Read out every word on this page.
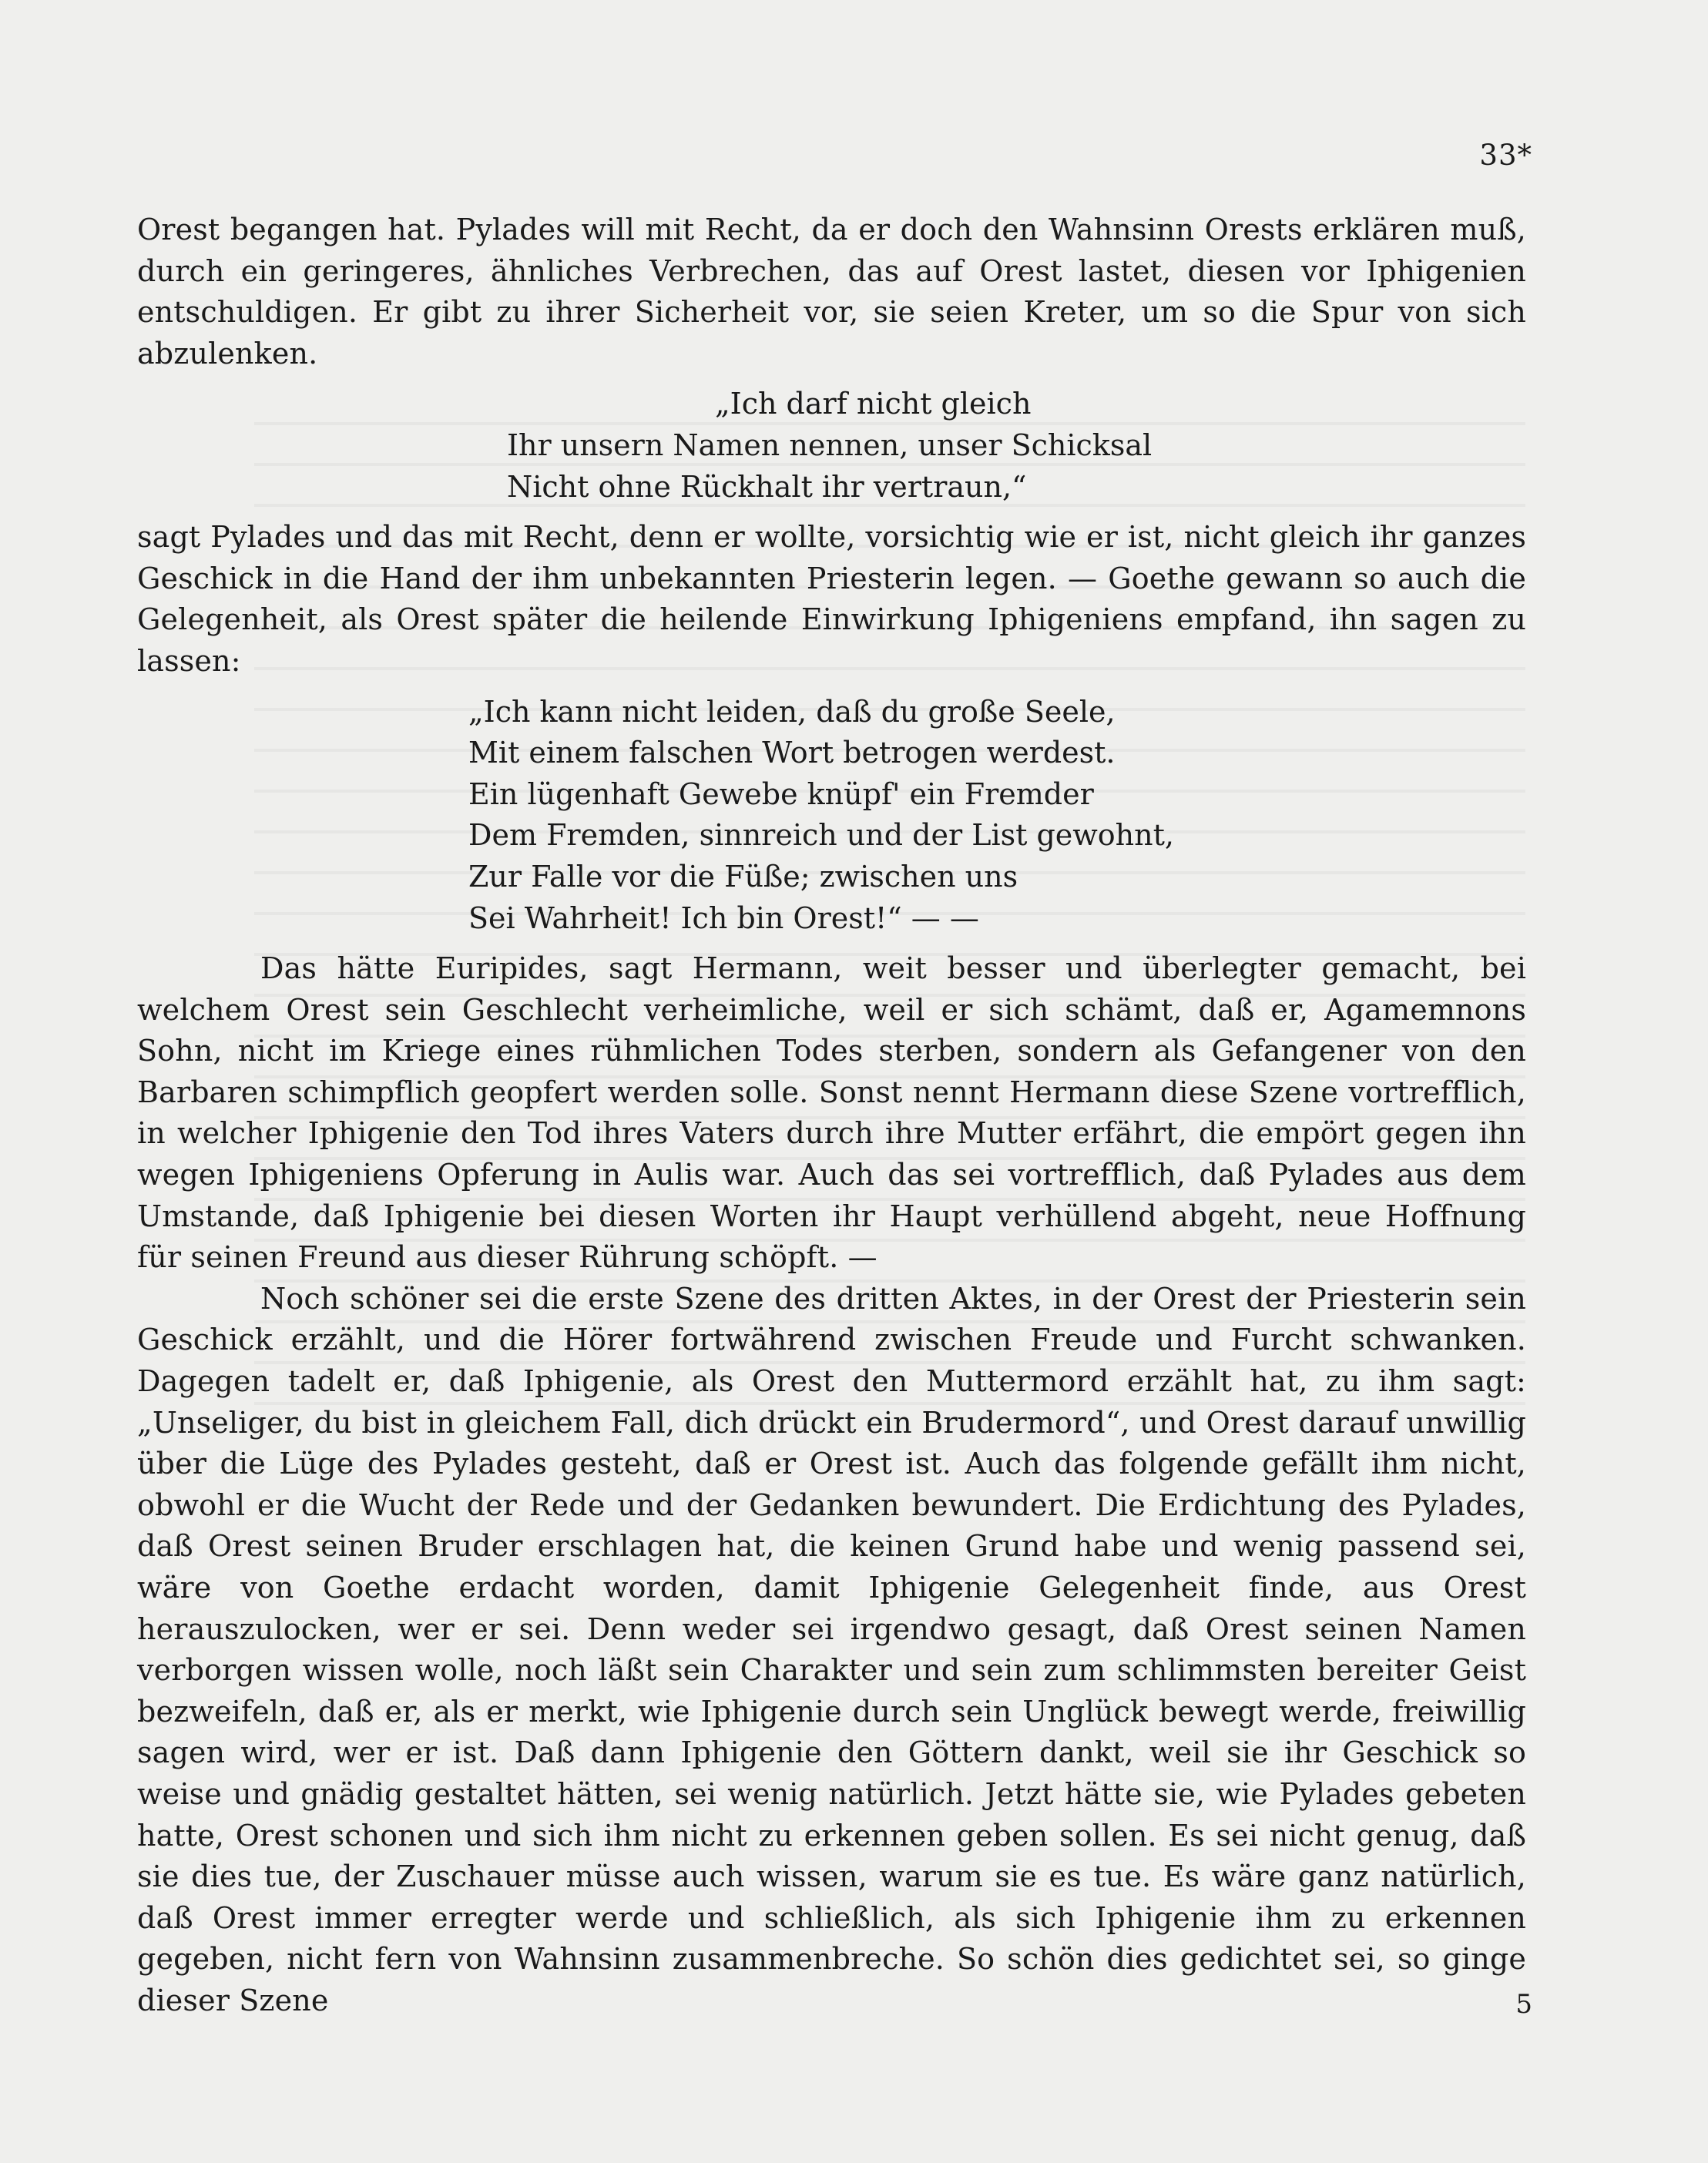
33*

Orest begangen hat. Pylades will mit Recht, da er doch den Wahnsinn Orests erklären muß, durch ein geringeres, ähnliches Verbrechen, das auf Orest lastet, diesen vor Iphigenien entschuldigen. Er gibt zu ihrer Sicherheit vor, sie seien Kreter, um so die Spur von sich abzulenken.

„Ich darf nicht gleich
Ihr unsern Namen nennen, unser Schicksal
Nicht ohne Rückhalt ihr vertraun,“

sagt Pylades und das mit Recht, denn er wollte, vorsichtig wie er ist, nicht gleich ihr ganzes Geschick in die Hand der ihm unbekannten Priesterin legen. — Goethe gewann so auch die Gelegenheit, als Orest später die heilende Einwirkung Iphigeniens empfand, ihn sagen zu lassen:

„Ich kann nicht leiden, daß du große Seele,
Mit einem falschen Wort betrogen werdest.
Ein lügenhaft Gewebe knüpf' ein Fremder
Dem Fremden, sinnreich und der List gewohnt,
Zur Falle vor die Füße; zwischen uns
Sei Wahrheit! Ich bin Orest!“ — —

Das hätte Euripides, sagt Hermann, weit besser und überlegter gemacht, bei welchem Orest sein Geschlecht verheimliche, weil er sich schämt, daß er, Agamemnons Sohn, nicht im Kriege eines rühmlichen Todes sterben, sondern als Gefangener von den Barbaren schimpflich geopfert werden solle. Sonst nennt Hermann diese Szene vortrefflich, in welcher Iphigenie den Tod ihres Vaters durch ihre Mutter erfährt, die empört gegen ihn wegen Iphigeniens Opferung in Aulis war. Auch das sei vortrefflich, daß Pylades aus dem Umstande, daß Iphigenie bei diesen Worten ihr Haupt verhüllend abgeht, neue Hoffnung für seinen Freund aus dieser Rührung schöpft. —

Noch schöner sei die erste Szene des dritten Aktes, in der Orest der Priesterin sein Geschick erzählt, und die Hörer fortwährend zwischen Freude und Furcht schwanken. Dagegen tadelt er, daß Iphigenie, als Orest den Muttermord erzählt hat, zu ihm sagt: „Unseliger, du bist in gleichem Fall, dich drückt ein Brudermord“, und Orest darauf unwillig über die Lüge des Pylades gesteht, daß er Orest ist. Auch das folgende gefällt ihm nicht, obwohl er die Wucht der Rede und der Gedanken bewundert. Die Erdichtung des Pylades, daß Orest seinen Bruder erschlagen hat, die keinen Grund habe und wenig passend sei, wäre von Goethe erdacht worden, damit Iphigenie Gelegenheit finde, aus Orest herauszulocken, wer er sei. Denn weder sei irgendwo gesagt, daß Orest seinen Namen verborgen wissen wolle, noch läßt sein Charakter und sein zum schlimmsten bereiter Geist bezweifeln, daß er, als er merkt, wie Iphigenie durch sein Unglück bewegt werde, freiwillig sagen wird, wer er ist. Daß dann Iphigenie den Göttern dankt, weil sie ihr Geschick so weise und gnädig gestaltet hätten, sei wenig natürlich. Jetzt hätte sie, wie Pylades gebeten hatte, Orest schonen und sich ihm nicht zu erkennen geben sollen. Es sei nicht genug, daß sie dies tue, der Zuschauer müsse auch wissen, warum sie es tue. Es wäre ganz natürlich, daß Orest immer erregter werde und schließlich, als sich Iphigenie ihm zu erkennen gegeben, nicht fern von Wahnsinn zusammenbreche. So schön dies gedichtet sei, so ginge dieser Szene	5
